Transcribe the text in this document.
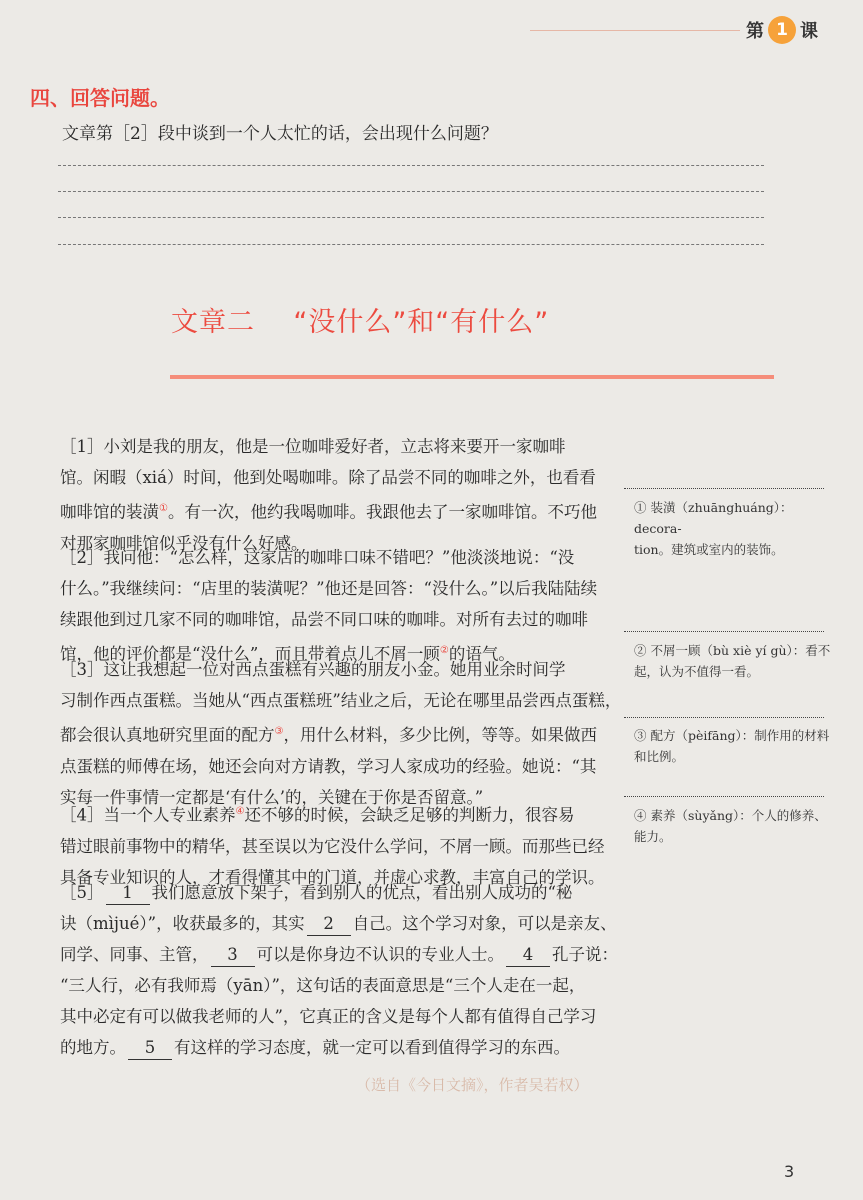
第 1 课
四、回答问题。
文章第［2］段中谈到一个人太忙的话，会出现什么问题？
文章二    “没什么”和“有什么”

［1］小刘是我的朋友，他是一位咖啡爱好者，立志将来要开一家咖啡
馆。闲暇（xiá）时间，他到处喝咖啡。除了品尝不同的咖啡之外，也看看
咖啡馆的装潢①。有一次，他约我喝咖啡。我跟他去了一家咖啡馆。不巧他
对那家咖啡馆似乎没有什么好感。

［2］我问他：“怎么样，这家店的咖啡口味不错吧？”他淡淡地说：“没
什么。”我继续问：“店里的装潢呢？”他还是回答：“没什么。”以后我陆陆续
续跟他到过几家不同的咖啡馆，品尝不同口味的咖啡。对所有去过的咖啡
馆，他的评价都是“没什么”，而且带着点儿不屑一顾②的语气。

［3］这让我想起一位对西点蛋糕有兴趣的朋友小金。她用业余时间学
习制作西点蛋糕。当她从“西点蛋糕班”结业之后，无论在哪里品尝西点蛋糕，
都会很认真地研究里面的配方③，用什么材料，多少比例，等等。如果做西
点蛋糕的师傅在场，她还会向对方请教，学习人家成功的经验。她说：“其
实每一件事情一定都是‘有什么’的，关键在于你是否留意。”

［4］当一个人专业素养④还不够的时候，会缺乏足够的判断力，很容易
错过眼前事物中的精华，甚至误以为它没什么学问，不屑一顾。而那些已经
具备专业知识的人，才看得懂其中的门道，并虚心求教，丰富自己的学识。

［5］ 1 我们愿意放下架子，看到别人的优点，看出别人成功的“秘
诀（mìjué）”，收获最多的，其实 2 自己。这个学习对象，可以是亲友、
同学、同事、主管， 3 可以是你身边不认识的专业人士。 4 孔子说：
“三人行，必有我师焉（yān）”，这句话的表面意思是“三个人走在一起，
其中必定有可以做我老师的人”，它真正的含义是每个人都有值得自己学习
的地方。 5 有这样的学习态度，就一定可以看到值得学习的东西。

（选自《今日文摘》，作者吴若权）
① 装潢（zhuānghuáng）：decora-
tion。建筑或室内的装饰。
② 不屑一顾（bù xiè yí gù）：看不
起，认为不值得一看。
③ 配方（pèifāng）：制作用的材料
和比例。
④ 素养（sùyǎng）：个人的修养、
能力。
3
